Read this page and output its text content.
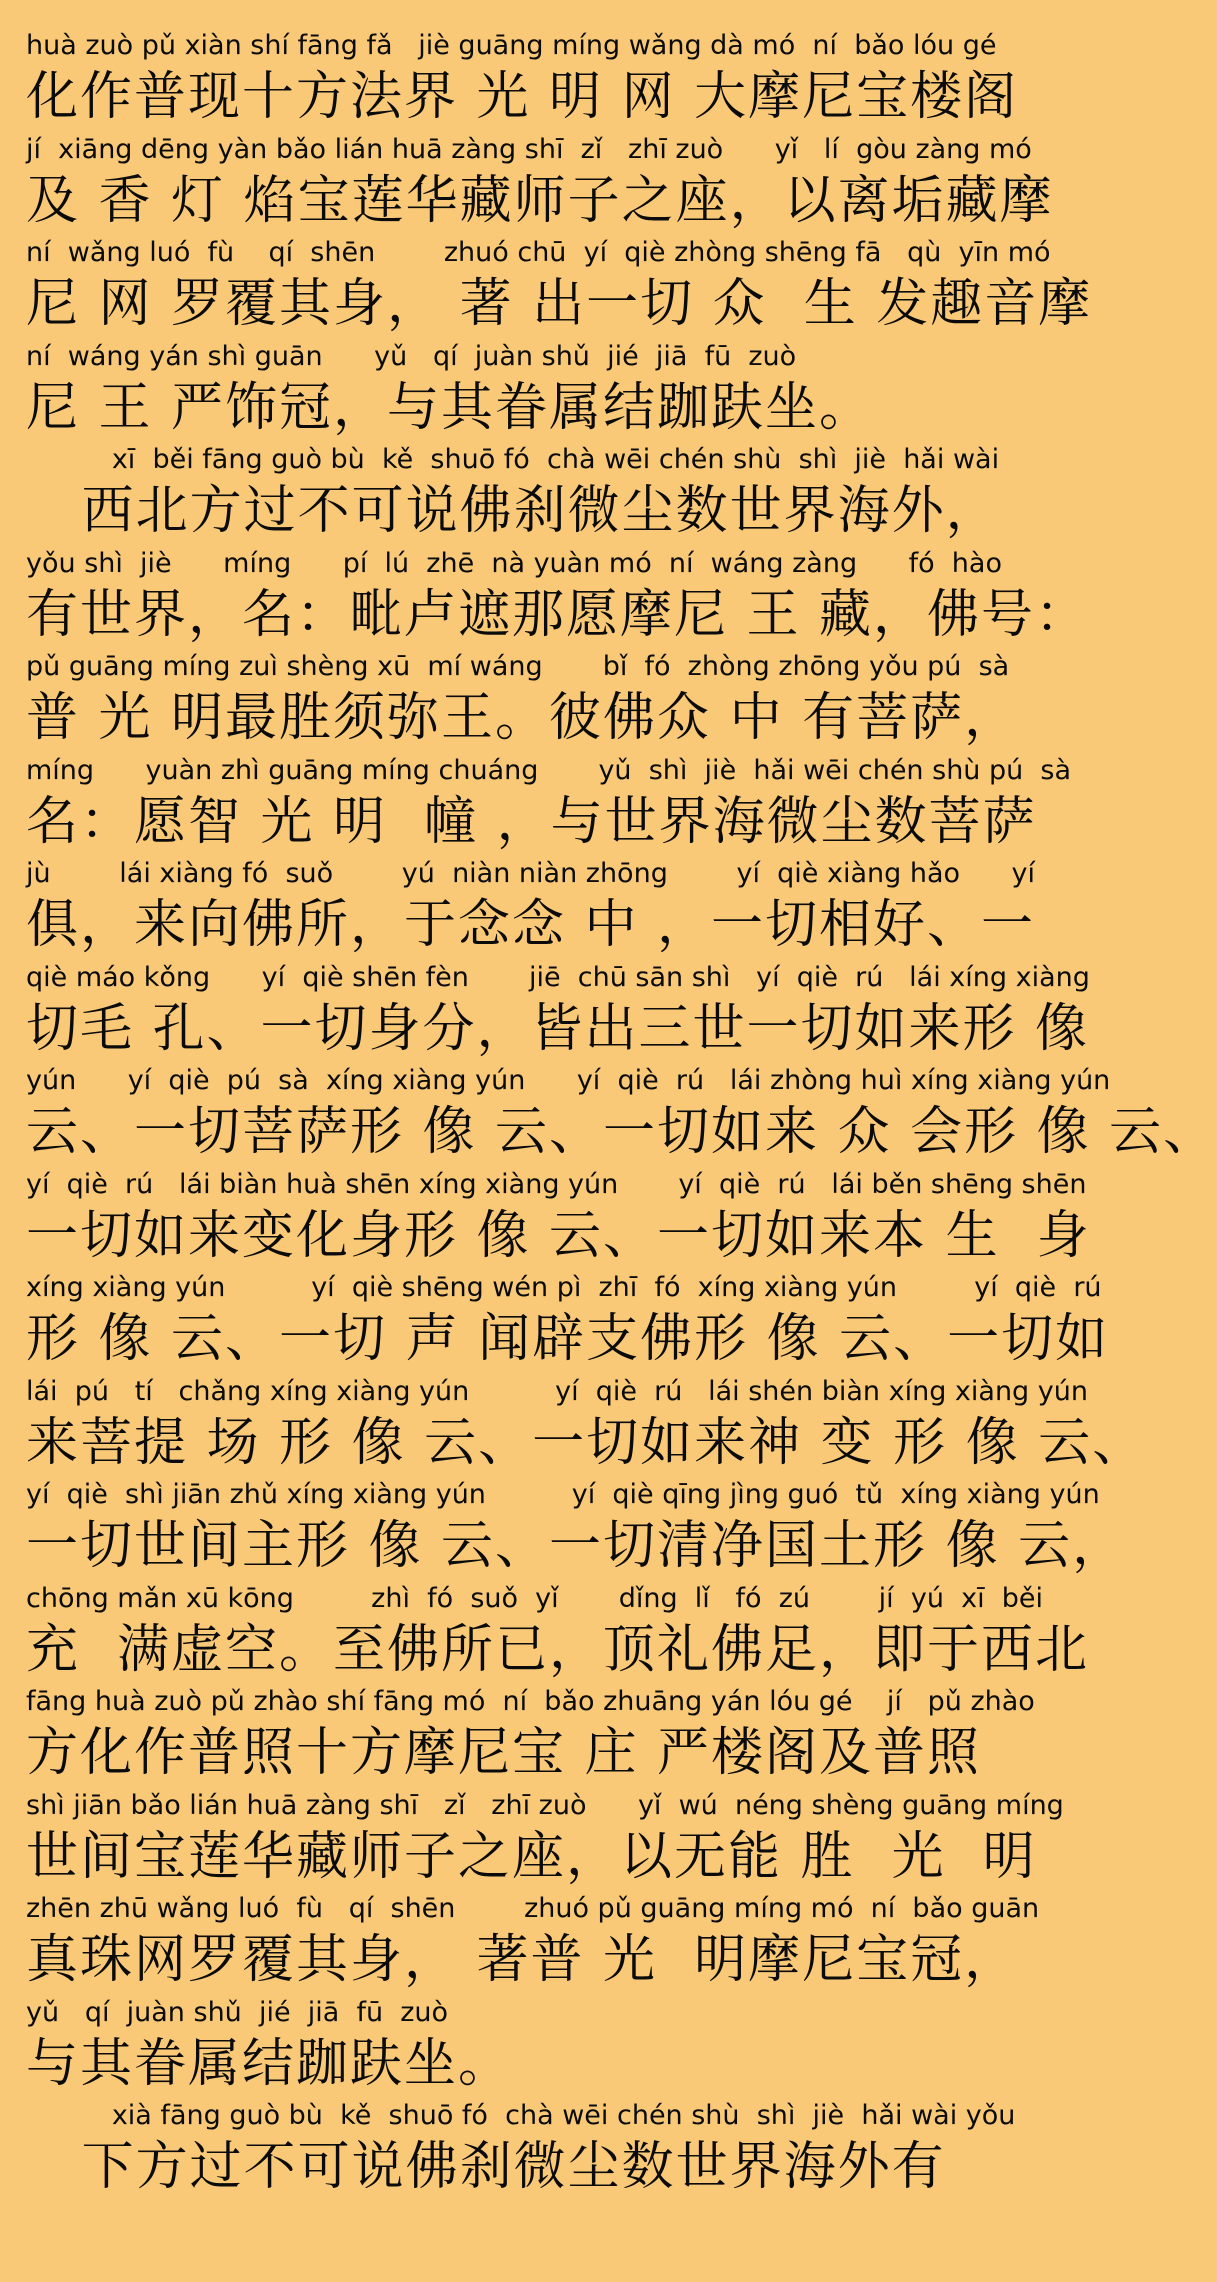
huà zuò pǔ xiàn shí fāng fǎ   jiè guāng míng wǎng dà mó  ní  bǎo lóu gé
化作普现十方法界 光 明 网 大摩尼宝楼阁
jí  xiāng dēng yàn bǎo lián huā zàng shī  zǐ   zhī zuò      yǐ   lí  gòu zàng mó
及 香 灯 焰宝莲华藏师子之座，以离垢藏摩
ní  wǎng luó  fù    qí  shēn        zhuó chū  yí  qiè zhòng shēng fā   qù  yīn mó
尼 网 罗覆其身， 著 出一切 众  生 发趣音摩
ní  wáng yán shì guān      yǔ   qí  juàn shǔ  jié  jiā  fū  zuò
尼 王 严饰冠，与其眷属结跏趺坐。
xī  běi fāng guò bù  kě  shuō fó  chà wēi chén shù  shì  jiè  hǎi wài
西北方过不可说佛刹微尘数世界海外，
yǒu shì  jiè      míng      pí  lú  zhē  nà yuàn mó  ní  wáng zàng      fó  hào
有世界，名：毗卢遮那愿摩尼 王 藏，佛号：
pǔ guāng míng zuì shèng xū  mí wáng       bǐ  fó  zhòng zhōng yǒu pú  sà
普 光 明最胜须弥王。彼佛众 中 有菩萨，
míng      yuàn zhì guāng míng chuáng       yǔ  shì  jiè  hǎi wēi chén shù pú  sà
名：愿智 光 明  幢 ，与世界海微尘数菩萨
jù        lái xiàng fó  suǒ        yú  niàn niàn zhōng        yí  qiè xiàng hǎo      yí
俱，来向佛所，于念念 中 ，一切相好、一
qiè máo kǒng      yí  qiè shēn fèn       jiē  chū sān shì   yí  qiè  rú   lái xíng xiàng
切毛 孔、一切身分，皆出三世一切如来形 像
yún      yí  qiè  pú  sà  xíng xiàng yún      yí  qiè  rú   lái zhòng huì xíng xiàng yún
云、一切菩萨形 像 云、一切如来 众 会形 像 云、
yí  qiè  rú   lái biàn huà shēn xíng xiàng yún       yí  qiè  rú   lái běn shēng shēn
一切如来变化身形 像 云、一切如来本 生  身
xíng xiàng yún          yí  qiè shēng wén pì  zhī  fó  xíng xiàng yún         yí  qiè  rú
形 像 云、一切 声 闻辟支佛形 像 云、一切如
lái  pú   tí   chǎng xíng xiàng yún          yí  qiè  rú   lái shén biàn xíng xiàng yún
来菩提 场 形 像 云、一切如来神 变 形 像 云、
yí  qiè  shì jiān zhǔ xíng xiàng yún          yí  qiè qīng jìng guó  tǔ  xíng xiàng yún
一切世间主形 像 云、一切清净国土形 像 云，
chōng mǎn xū kōng         zhì  fó  suǒ  yǐ       dǐng  lǐ   fó  zú        jí  yú  xī  běi
充  满虚空。至佛所已，顶礼佛足，即于西北
fāng huà zuò pǔ zhào shí fāng mó  ní  bǎo zhuāng yán lóu gé    jí   pǔ zhào
方化作普照十方摩尼宝 庄 严楼阁及普照
shì jiān bǎo lián huā zàng shī   zǐ   zhī zuò      yǐ  wú  néng shèng guāng míng
世间宝莲华藏师子之座，以无能 胜  光  明
zhēn zhū wǎng luó  fù   qí  shēn        zhuó pǔ guāng míng mó  ní  bǎo guān
真珠网罗覆其身， 著普 光  明摩尼宝冠，
yǔ   qí  juàn shǔ  jié  jiā  fū  zuò
与其眷属结跏趺坐。
xià fāng guò bù  kě  shuō fó  chà wēi chén shù  shì  jiè  hǎi wài yǒu
下方过不可说佛刹微尘数世界海外有
